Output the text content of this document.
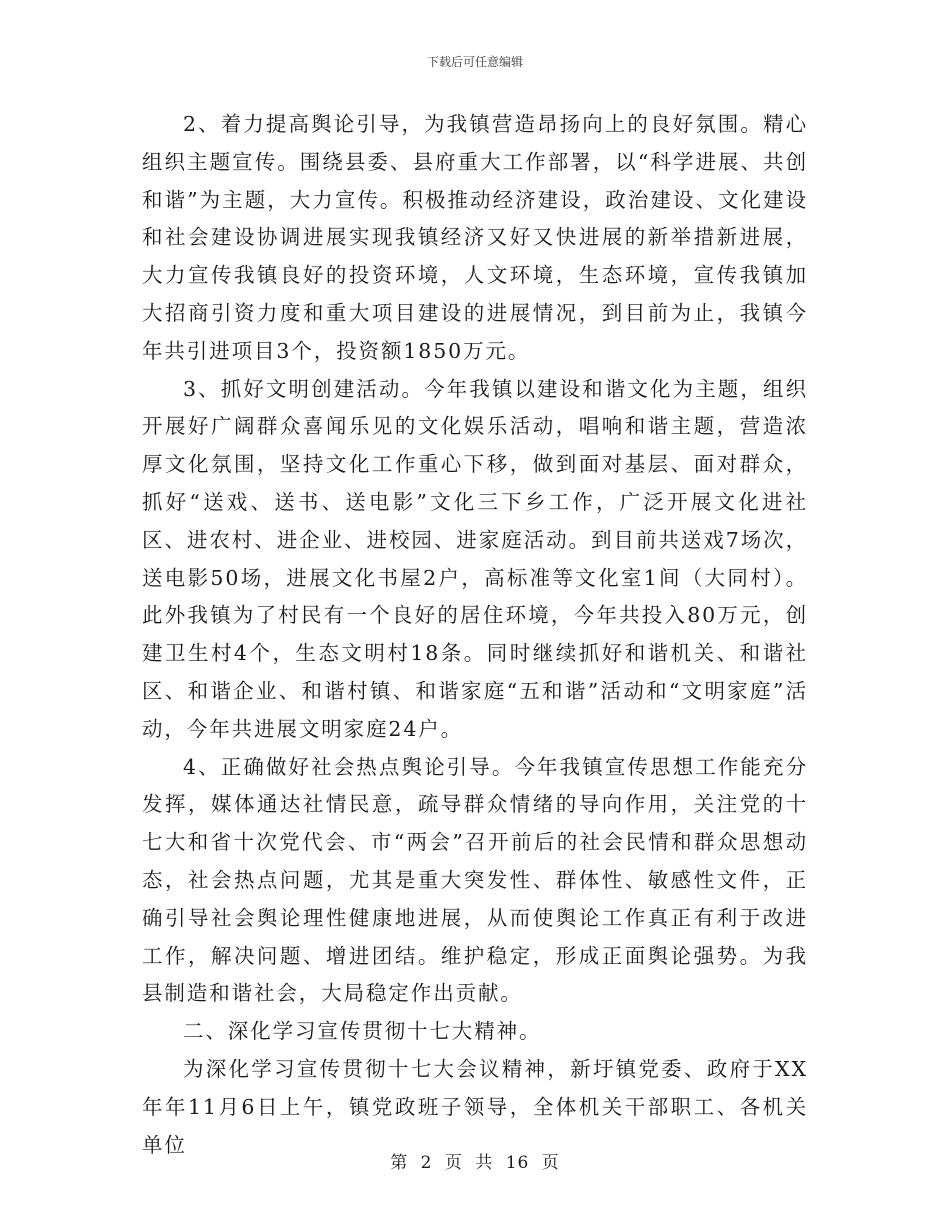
下载后可任意编辑

2、着力提高舆论引导，为我镇营造昂扬向上的良好氛围。精心组织主题宣传。围绕县委、县府重大工作部署，以“科学进展、共创和谐”为主题，大力宣传。积极推动经济建设，政治建设、文化建设和社会建设协调进展实现我镇经济又好又快进展的新举措新进展，大力宣传我镇良好的投资环境，人文环境，生态环境，宣传我镇加大招商引资力度和重大项目建设的进展情况，到目前为止，我镇今年共引进项目3个，投资额1850万元。

3、抓好文明创建活动。今年我镇以建设和谐文化为主题，组织开展好广阔群众喜闻乐见的文化娱乐活动，唱响和谐主题，营造浓厚文化氛围，坚持文化工作重心下移，做到面对基层、面对群众，抓好“送戏、送书、送电影”文化三下乡工作，广泛开展文化进社区、进农村、进企业、进校园、进家庭活动。到目前共送戏7场次，送电影50场，进展文化书屋2户，高标准等文化室1间（大同村）。此外我镇为了村民有一个良好的居住环境，今年共投入80万元，创建卫生村4个，生态文明村18条。同时继续抓好和谐机关、和谐社区、和谐企业、和谐村镇、和谐家庭“五和谐”活动和“文明家庭”活动，今年共进展文明家庭24户。

4、正确做好社会热点舆论引导。今年我镇宣传思想工作能充分发挥，媒体通达社情民意，疏导群众情绪的导向作用，关注党的十七大和省十次党代会、市“两会”召开前后的社会民情和群众思想动态，社会热点问题，尤其是重大突发性、群体性、敏感性文件，正确引导社会舆论理性健康地进展，从而使舆论工作真正有利于改进工作，解决问题、增进团结。维护稳定，形成正面舆论强势。为我县制造和谐社会，大局稳定作出贡献。

二、深化学习宣传贯彻十七大精神。

为深化学习宣传贯彻十七大会议精神，新圩镇党委、政府于XX年年11月6日上午，镇党政班子领导，全体机关干部职工、各机关单位

第 2 页 共 16 页
